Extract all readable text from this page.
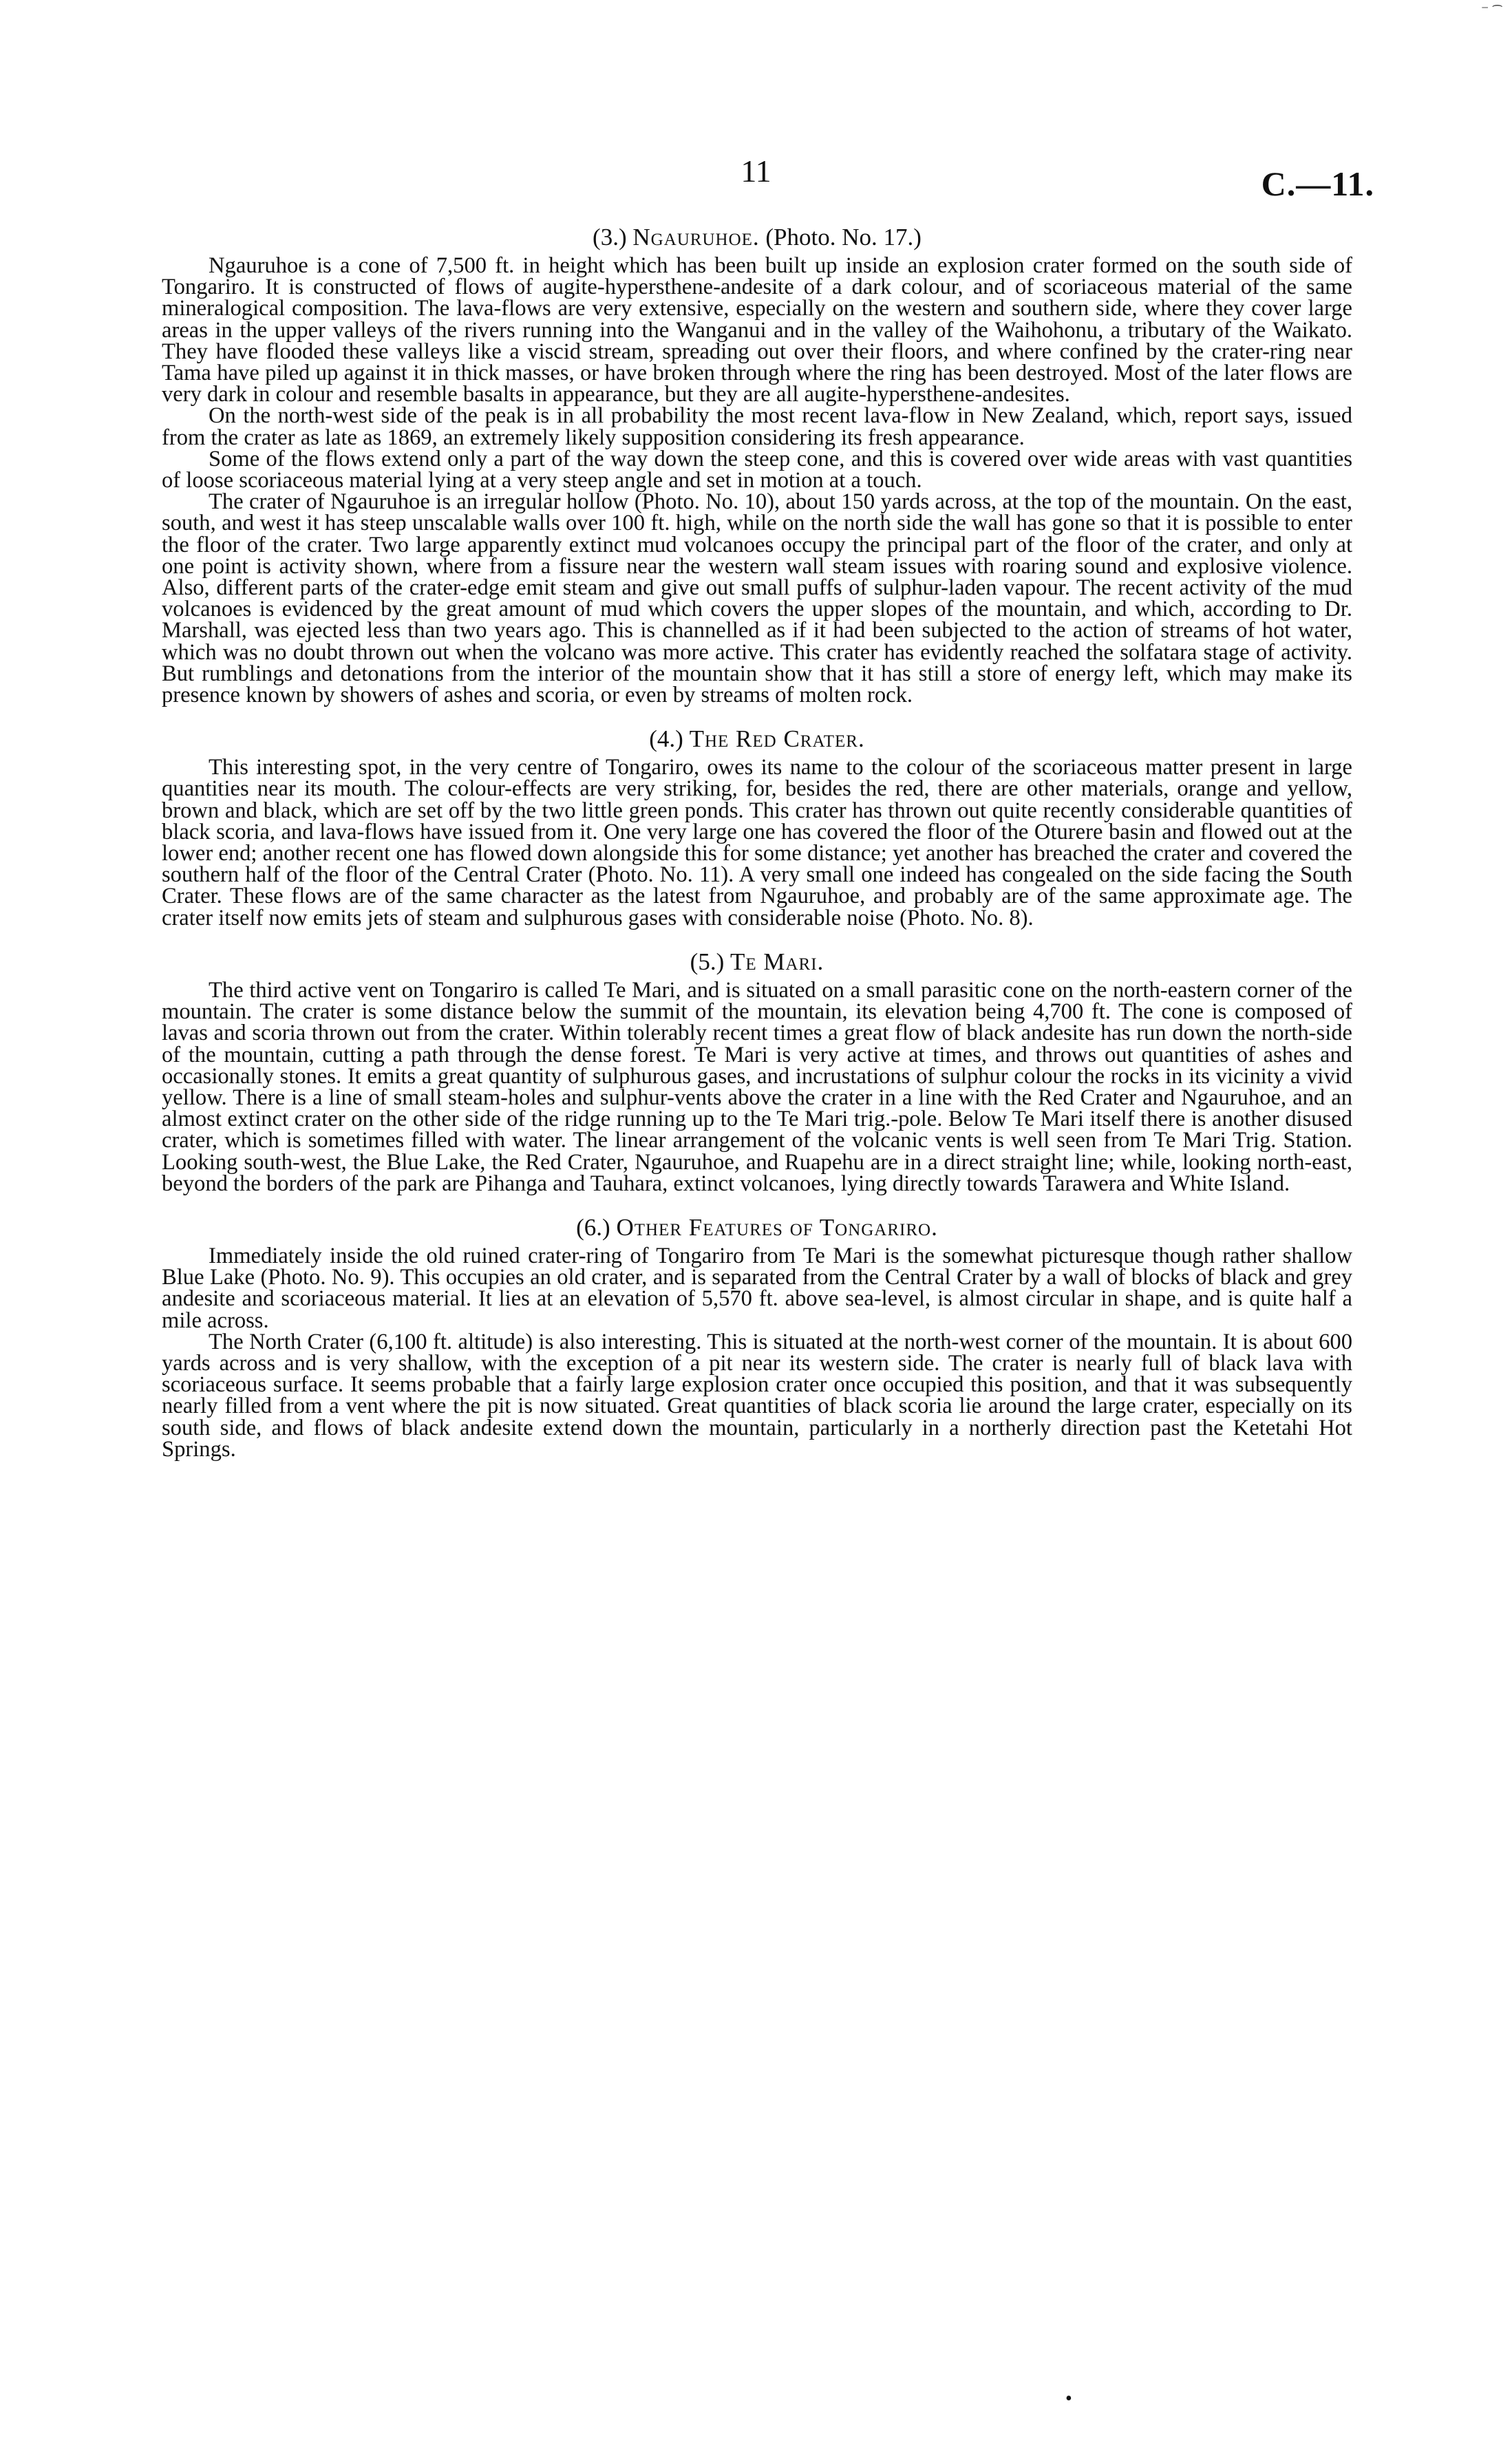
⁻ ͡
11	C.—11.
(3.) Ngauruhoe. (Photo. No. 17.)

Ngauruhoe is a cone of 7,500 ft. in height which has been built up inside an explosion crater formed on the south side of Tongariro. It is constructed of flows of augite-hypersthene-andesite of a dark colour, and of scoriaceous material of the same mineralogical composition. The lava-flows are very extensive, especially on the western and southern side, where they cover large areas in the upper valleys of the rivers running into the Wanganui and in the valley of the Waihohonu, a tributary of the Waikato. They have flooded these valleys like a viscid stream, spreading out over their floors, and where confined by the crater-ring near Tama have piled up against it in thick masses, or have broken through where the ring has been destroyed. Most of the later flows are very dark in colour and resemble basalts in appearance, but they are all augite-hypersthene-andesites.

On the north-west side of the peak is in all probability the most recent lava-flow in New Zealand, which, report says, issued from the crater as late as 1869, an extremely likely supposition considering its fresh appearance.

Some of the flows extend only a part of the way down the steep cone, and this is covered over wide areas with vast quantities of loose scoriaceous material lying at a very steep angle and set in motion at a touch.

The crater of Ngauruhoe is an irregular hollow (Photo. No. 10), about 150 yards across, at the top of the mountain. On the east, south, and west it has steep unscalable walls over 100 ft. high, while on the north side the wall has gone so that it is possible to enter the floor of the crater. Two large apparently extinct mud volcanoes occupy the principal part of the floor of the crater, and only at one point is activity shown, where from a fissure near the western wall steam issues with roaring sound and explosive violence. Also, different parts of the crater-edge emit steam and give out small puffs of sulphur-laden vapour. The recent activity of the mud volcanoes is evidenced by the great amount of mud which covers the upper slopes of the mountain, and which, according to Dr. Marshall, was ejected less than two years ago. This is channelled as if it had been subjected to the action of streams of hot water, which was no doubt thrown out when the volcano was more active. This crater has evidently reached the solfatara stage of activity. But rumblings and detonations from the interior of the mountain show that it has still a store of energy left, which may make its presence known by showers of ashes and scoria, or even by streams of molten rock.

(4.) The Red Crater.

This interesting spot, in the very centre of Tongariro, owes its name to the colour of the scoriaceous matter present in large quantities near its mouth. The colour-effects are very striking, for, besides the red, there are other materials, orange and yellow, brown and black, which are set off by the two little green ponds. This crater has thrown out quite recently considerable quantities of black scoria, and lava-flows have issued from it. One very large one has covered the floor of the Oturere basin and flowed out at the lower end; another recent one has flowed down alongside this for some distance; yet another has breached the crater and covered the southern half of the floor of the Central Crater (Photo. No. 11). A very small one indeed has congealed on the side facing the South Crater. These flows are of the same character as the latest from Ngauruhoe, and probably are of the same approximate age. The crater itself now emits jets of steam and sulphurous gases with considerable noise (Photo. No. 8).

(5.) Te Mari.

The third active vent on Tongariro is called Te Mari, and is situated on a small parasitic cone on the north-eastern corner of the mountain. The crater is some distance below the summit of the mountain, its elevation being 4,700 ft. The cone is composed of lavas and scoria thrown out from the crater. Within tolerably recent times a great flow of black andesite has run down the north-side of the mountain, cutting a path through the dense forest. Te Mari is very active at times, and throws out quantities of ashes and occasionally stones. It emits a great quantity of sulphurous gases, and incrustations of sulphur colour the rocks in its vicinity a vivid yellow. There is a line of small steam-holes and sulphur-vents above the crater in a line with the Red Crater and Ngauruhoe, and an almost extinct crater on the other side of the ridge running up to the Te Mari trig.-pole. Below Te Mari itself there is another disused crater, which is sometimes filled with water. The linear arrangement of the volcanic vents is well seen from Te Mari Trig. Station. Looking south-west, the Blue Lake, the Red Crater, Ngauruhoe, and Ruapehu are in a direct straight line; while, looking north-east, beyond the borders of the park are Pihanga and Tauhara, extinct volcanoes, lying directly towards Tarawera and White Island.

(6.) Other Features of Tongariro.

Immediately inside the old ruined crater-ring of Tongariro from Te Mari is the somewhat picturesque though rather shallow Blue Lake (Photo. No. 9). This occupies an old crater, and is separated from the Central Crater by a wall of blocks of black and grey andesite and scoriaceous material. It lies at an elevation of 5,570 ft. above sea-level, is almost circular in shape, and is quite half a mile across.

The North Crater (6,100 ft. altitude) is also interesting. This is situated at the north-west corner of the mountain. It is about 600 yards across and is very shallow, with the exception of a pit near its western side. The crater is nearly full of black lava with scoriaceous surface. It seems probable that a fairly large explosion crater once occupied this position, and that it was subsequently nearly filled from a vent where the pit is now situated. Great quantities of black scoria lie around the large crater, especially on its south side, and flows of black andesite extend down the mountain, particularly in a northerly direction past the Ketetahi Hot Springs.

•
